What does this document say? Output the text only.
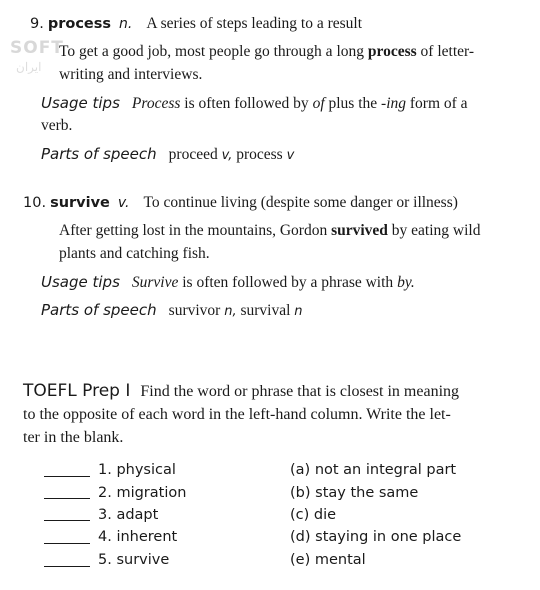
SOFT
ﺍﻳﺮﺍﻥ
9. process n. A series of steps leading to a result
To get a good job, most people go through a long process of letter-
writing and interviews.
Usage tips Process is often followed by of plus the -ing form of a
verb.
Parts of speech proceed v, process v
10. survive v. To continue living (despite some danger or illness)
After getting lost in the mountains, Gordon survived by eating wild
plants and catching fish.
Usage tips Survive is often followed by a phrase with by.
Parts of speech survivor n, survival n
TOEFL Prep I Find the word or phrase that is closest in meaning
to the opposite of each word in the left-hand column. Write the let-
ter in the blank.
1. physical	(a) not an integral part
2. migration	(b) stay the same
3. adapt	(c) die
4. inherent	(d) staying in one place
5. survive	(e) mental
